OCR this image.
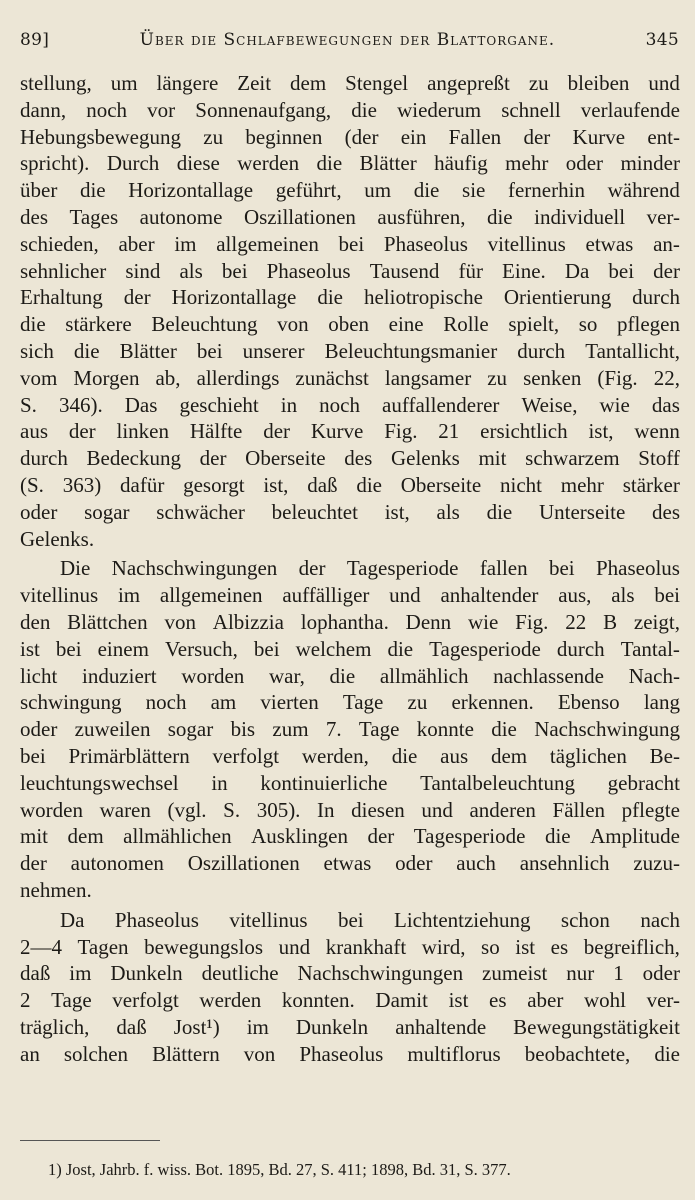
89]	Über die Schlafbewegungen der Blattorgane.	345
stellung, um längere Zeit dem Stengel angepreßt zu bleiben und
dann, noch vor Sonnenaufgang, die wiederum schnell verlaufende
Hebungsbewegung zu beginnen (der ein Fallen der Kurve ent-
spricht). Durch diese werden die Blätter häufig mehr oder minder
über die Horizontallage geführt, um die sie fernerhin während
des Tages autonome Oszillationen ausführen, die individuell ver-
schieden, aber im allgemeinen bei Phaseolus vitellinus etwas an-
sehnlicher sind als bei Phaseolus Tausend für Eine. Da bei der
Erhaltung der Horizontallage die heliotropische Orientierung durch
die stärkere Beleuchtung von oben eine Rolle spielt, so pflegen
sich die Blätter bei unserer Beleuchtungsmanier durch Tantallicht,
vom Morgen ab, allerdings zunächst langsamer zu senken (Fig. 22,
S. 346). Das geschieht in noch auffallenderer Weise, wie das
aus der linken Hälfte der Kurve Fig. 21 ersichtlich ist, wenn
durch Bedeckung der Oberseite des Gelenks mit schwarzem Stoff
(S. 363) dafür gesorgt ist, daß die Oberseite nicht mehr stärker
oder sogar schwächer beleuchtet ist, als die Unterseite des
Gelenks.
Die Nachschwingungen der Tagesperiode fallen bei Phaseolus
vitellinus im allgemeinen auffälliger und anhaltender aus, als bei
den Blättchen von Albizzia lophantha. Denn wie Fig. 22 B zeigt,
ist bei einem Versuch, bei welchem die Tagesperiode durch Tantal-
licht induziert worden war, die allmählich nachlassende Nach-
schwingung noch am vierten Tage zu erkennen. Ebenso lang
oder zuweilen sogar bis zum 7. Tage konnte die Nachschwingung
bei Primärblättern verfolgt werden, die aus dem täglichen Be-
leuchtungswechsel in kontinuierliche Tantalbeleuchtung gebracht
worden waren (vgl. S. 305). In diesen und anderen Fällen pflegte
mit dem allmählichen Ausklingen der Tagesperiode die Amplitude
der autonomen Oszillationen etwas oder auch ansehnlich zuzu-
nehmen.
Da Phaseolus vitellinus bei Lichtentziehung schon nach
2—4 Tagen bewegungslos und krankhaft wird, so ist es begreiflich,
daß im Dunkeln deutliche Nachschwingungen zumeist nur 1 oder
2 Tage verfolgt werden konnten. Damit ist es aber wohl ver-
träglich, daß Jost¹) im Dunkeln anhaltende Bewegungstätigkeit
an solchen Blättern von Phaseolus multiflorus beobachtete, die
1) Jost, Jahrb. f. wiss. Bot. 1895, Bd. 27, S. 411; 1898, Bd. 31, S. 377.
